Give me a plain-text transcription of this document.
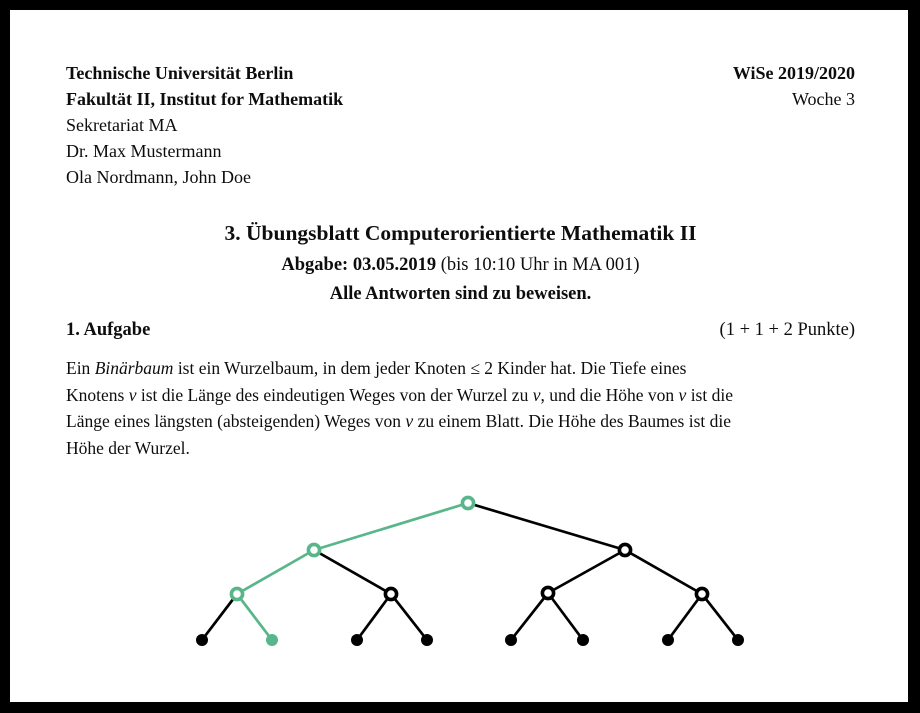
Technische Universität Berlin
Fakultät II, Institut for Mathematik
Sekretariat MA
Dr. Max Mustermann
Ola Nordmann, John Doe
WiSe 2019/2020
Woche 3
3. Übungsblatt Computerorientierte Mathematik II
Abgabe: 03.05.2019 (bis 10:10 Uhr in MA 001)
Alle Antworten sind zu beweisen.
1. Aufgabe	(1 + 1 + 2 Punkte)
Ein Binärbaum ist ein Wurzelbaum, in dem jeder Knoten ≤ 2 Kinder hat. Die Tiefe eines
Knotens v ist die Länge des eindeutigen Weges von der Wurzel zu v, und die Höhe von v ist die
Länge eines längsten (absteigenden) Weges von v zu einem Blatt. Die Höhe des Baumes ist die
Höhe der Wurzel.
